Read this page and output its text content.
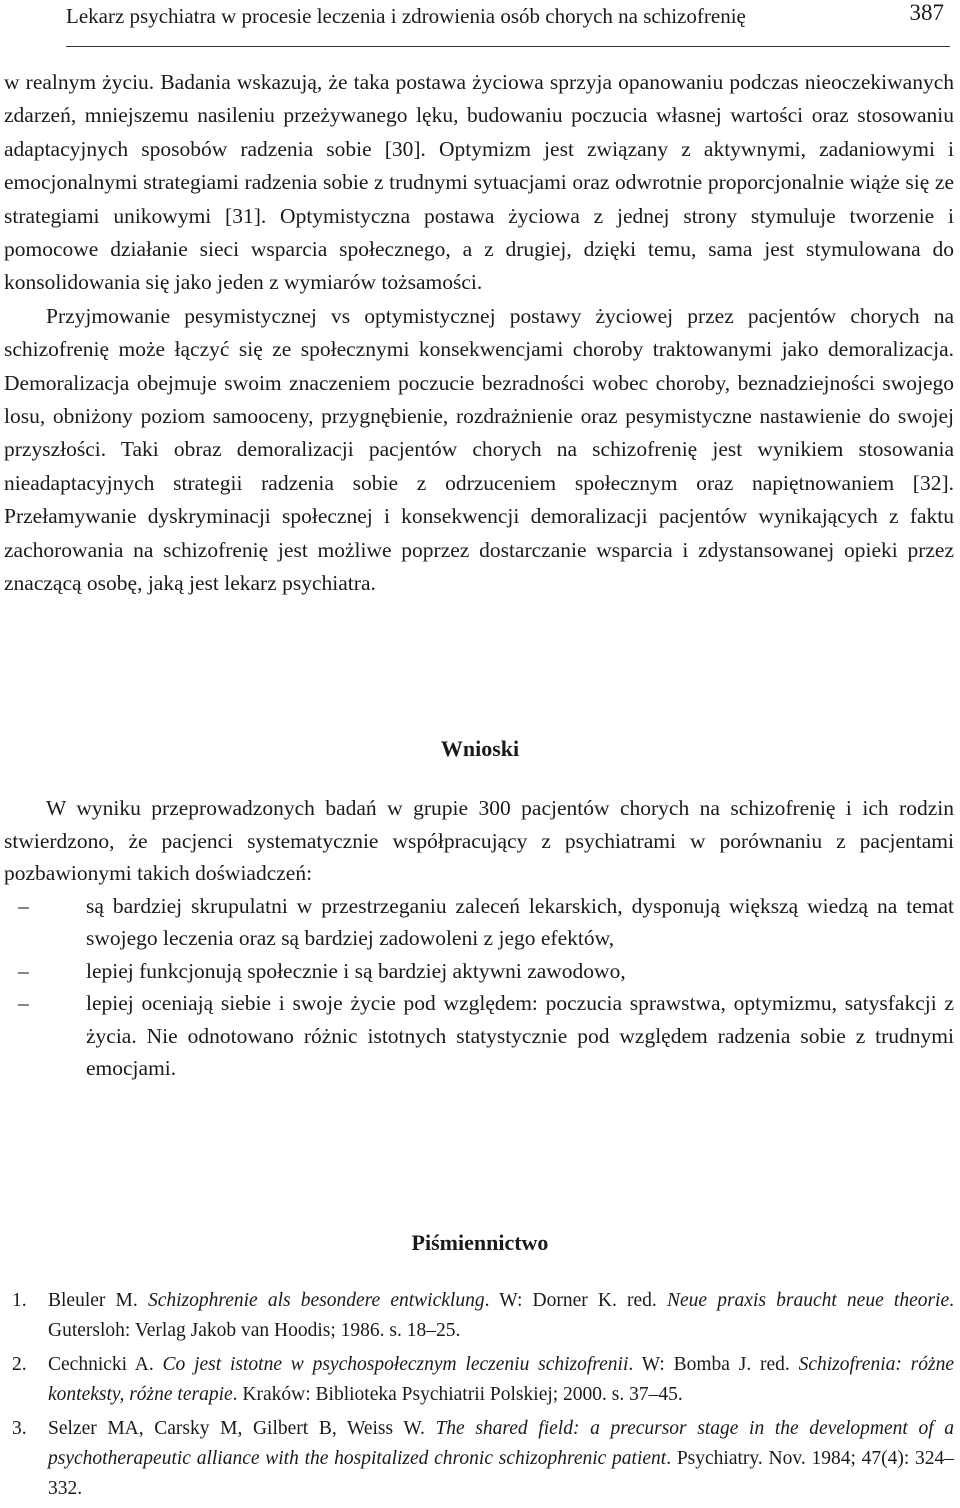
Lekarz psychiatra w procesie leczenia i zdrowienia osób chorych na schizofrenię	387

w realnym życiu. Badania wskazują, że taka postawa życiowa sprzyja opanowaniu podczas nieoczekiwanych zdarzeń, mniejszemu nasileniu przeżywanego lęku, budowaniu poczucia własnej wartości oraz stosowaniu adaptacyjnych sposobów radzenia sobie [30]. Optymizm jest związany z aktywnymi, zadaniowymi i emocjonalnymi strategiami radzenia sobie z trudnymi sytuacjami oraz odwrotnie proporcjonalnie wiąże się ze strategiami unikowymi [31]. Optymistyczna postawa życiowa z jednej strony stymuluje tworzenie i pomocowe działanie sieci wsparcia społecznego, a z drugiej, dzięki temu, sama jest stymulowana do konsolidowania się jako jeden z wymiarów tożsamości.

Przyjmowanie pesymistycznej vs optymistycznej postawy życiowej przez pacjentów chorych na schizofrenię może łączyć się ze społecznymi konsekwencjami choroby traktowanymi jako demoralizacja. Demoralizacja obejmuje swoim znaczeniem poczucie bezradności wobec choroby, beznadziejności swojego losu, obniżony poziom samooceny, przygnębienie, rozdrażnienie oraz pesymistyczne nastawienie do swojej przyszłości. Taki obraz demoralizacji pacjentów chorych na schizofrenię jest wynikiem stosowania nieadaptacyjnych strategii radzenia sobie z odrzuceniem społecznym oraz napiętnowaniem [32]. Przełamywanie dyskryminacji społecznej i konsekwencji demoralizacji pacjentów wynikających z faktu zachorowania na schizofrenię jest możliwe poprzez dostarczanie wsparcia i zdystansowanej opieki przez znaczącą osobę, jaką jest lekarz psychiatra.

Wnioski

W wyniku przeprowadzonych badań w grupie 300 pacjentów chorych na schizofrenię i ich rodzin stwierdzono, że pacjenci systematycznie współpracujący z psychiatrami w porównaniu z pacjentami pozbawionymi takich doświadczeń:

–	są bardziej skrupulatni w przestrzeganiu zaleceń lekarskich, dysponują większą wiedzą na temat swojego leczenia oraz są bardziej zadowoleni z jego efektów,
–	lepiej funkcjonują społecznie i są bardziej aktywni zawodowo,
–	lepiej oceniają siebie i swoje życie pod względem: poczucia sprawstwa, optymizmu, satysfakcji z życia. Nie odnotowano różnic istotnych statystycznie pod względem radzenia sobie z trudnymi emocjami.
Piśmiennictwo
1. Bleuler M. Schizophrenie als besondere entwicklung. W: Dorner K. red. Neue praxis braucht neue theorie. Gutersloh: Verlag Jakob van Hoodis; 1986. s. 18–25.
2. Cechnicki A. Co jest istotne w psychospołecznym leczeniu schizofrenii. W: Bomba J. red. Schizofrenia: różne konteksty, różne terapie. Kraków: Biblioteka Psychiatrii Polskiej; 2000. s. 37–45.
3. Selzer MA, Carsky M, Gilbert B, Weiss W. The shared field: a precursor stage in the development of a psychotherapeutic alliance with the hospitalized chronic schizophrenic patient. Psychiatry. Nov. 1984; 47(4): 324–332.
